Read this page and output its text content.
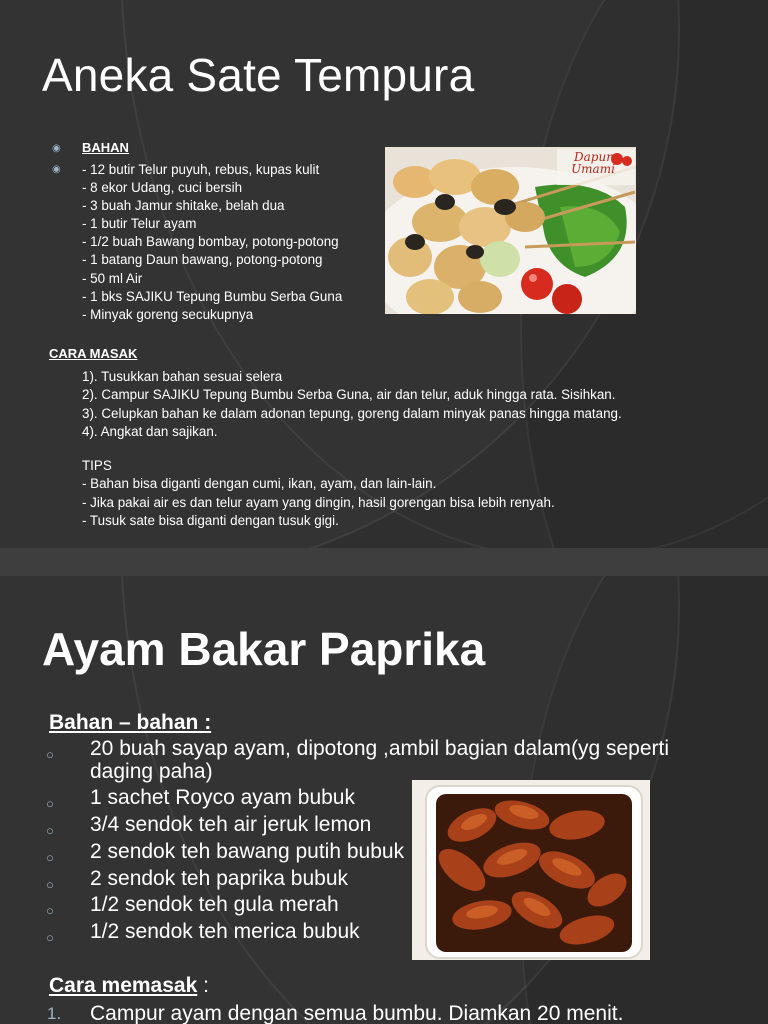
Aneka Sate Tempura
◉ BAHAN
◉ - 12 butir Telur puyuh, rebus, kupas kulit
- 8 ekor Udang, cuci bersih
- 3 buah Jamur shitake, belah dua
- 1 butir Telur ayam
- 1/2 buah Bawang bombay, potong-potong
- 1 batang Daun bawang, potong-potong
- 50 ml Air
- 1 bks SAJIKU Tepung Bumbu Serba Guna
- Minyak goreng secukupnya
Dapur Umami
CARA MASAK
1). Tusukkan bahan sesuai selera
2). Campur SAJIKU Tepung Bumbu Serba Guna, air dan telur, aduk hingga rata. Sisihkan.
3). Celupkan bahan ke dalam adonan tepung, goreng dalam minyak panas hingga matang.
4). Angkat dan sajikan.
TIPS
- Bahan bisa diganti dengan cumi, ikan, ayam, dan lain-lain.
- Jika pakai air es dan telur ayam yang dingin, hasil gorengan bisa lebih renyah.
- Tusuk sate bisa diganti dengan tusuk gigi.
Ayam Bakar Paprika
Bahan – bahan :
○ 20 buah sayap ayam, dipotong ,ambil bagian dalam(yg seperti
daging paha)
○ 1 sachet Royco ayam bubuk
○ 3/4 sendok teh air jeruk lemon
○ 2 sendok teh bawang putih bubuk
○ 2 sendok teh paprika bubuk
○ 1/2 sendok teh gula merah
○ 1/2 sendok teh merica bubuk
Cara memasak :
1. Campur ayam dengan semua bumbu. Diamkan 20 menit.
